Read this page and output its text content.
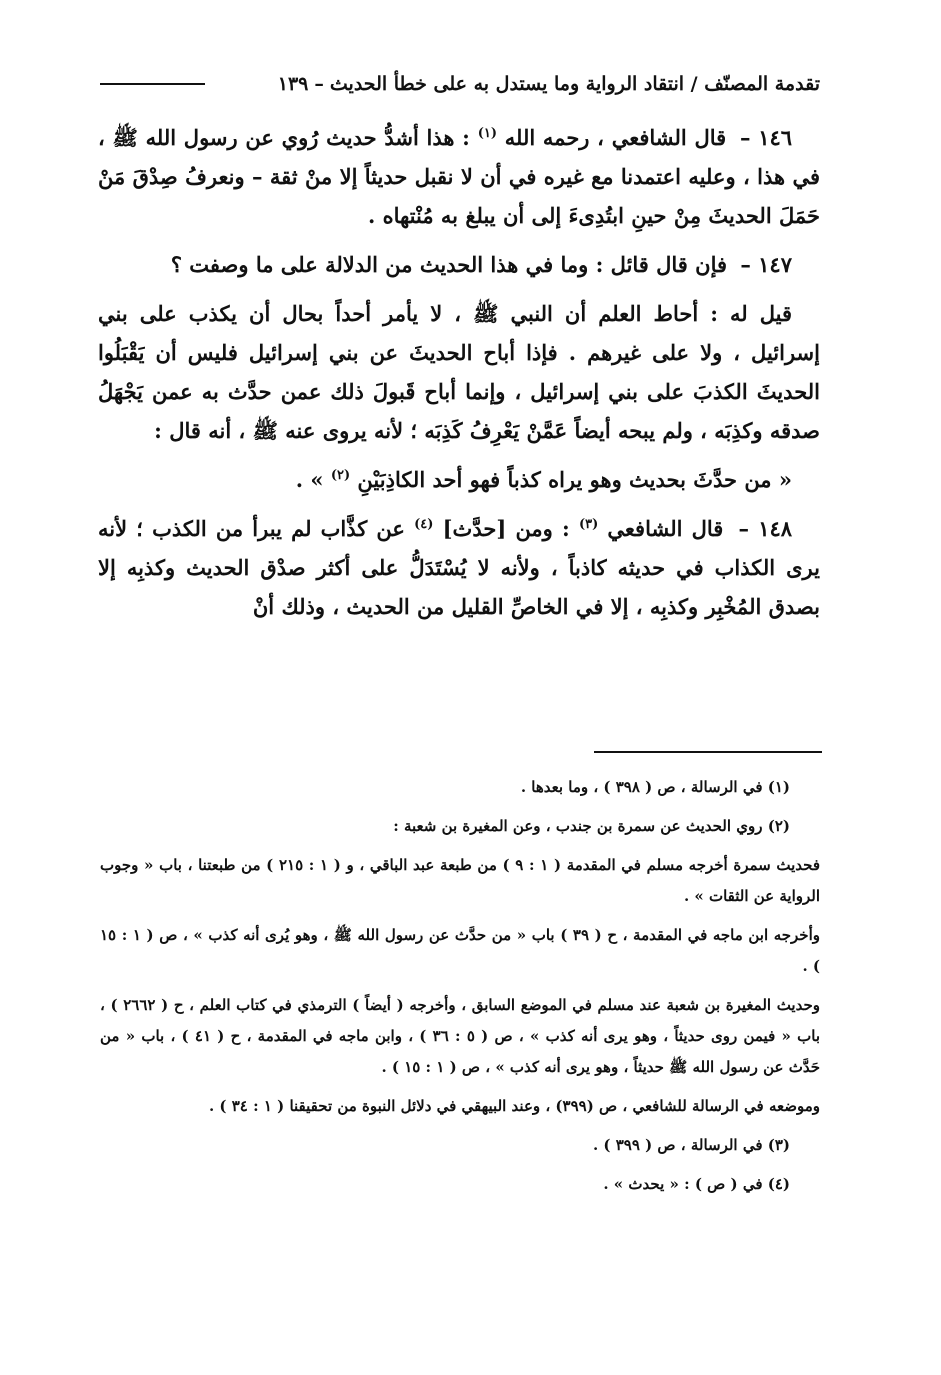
تقدمة المصنّف / انتقاد الرواية وما يستدل به على خطأ الحديث
–
١٣٩

١٤٦ – قال الشافعي ، رحمه الله $^{(١)}$ : هذا أشدُّ حديث رُوي عن رسول الله ﷺ ، في هذا ، وعليه اعتمدنا مع غيره في أن لا نقبل حديثاً إلا منْ ثقة – ونعرفُ صِدْقَ مَنْ حَمَلَ الحديثَ مِنْ حينِ ابتُدِىءَ إلى أن يبلغ به مُنْتهاه .

١٤٧ – فإن قال قائل : وما في هذا الحديث من الدلالة على ما وصفت ؟

قيل له : أحاط العلم أن النبي ﷺ ، لا يأمر أحداً بحال أن يكذب على بني إسرائيل ، ولا على غيرهم . فإذا أباح الحديثَ عن بني إسرائيل فليس أن يَقْبَلُوا الحديثَ الكذبَ على بني إسرائيل ، وإنما أباح قَبولَ ذلك عمن حدَّث به عمن يَجْهَلُ صدقه وكذِبَه ، ولم يبحه أيضاً عَمَّنْ يَعْرِفُ كَذِبَه ؛ لأنه يروى عنه ﷺ ، أنه قال :

« من حدَّثَ بحديث وهو يراه كذباً فهو أحد الكاذِبَيْنِ $^{(٢)}$ » .

١٤٨ – قال الشافعي $^{(٣)}$ : ومن [حدَّث] $^{(٤)}$ عن كذَّاب لم يبرأ من الكذب ؛ لأنه يرى الكذاب في حديثه كاذباً ، ولأنه لا يُسْتَدَلُّ على أكثر صدْق الحديث وكذبِه إلا بصدق المُخْبِر وكذبِه ، إلا في الخاصِّ القليل من الحديث ، وذلك أنْ

(١) في الرسالة ، ص ( ٣٩٨ ) ، وما بعدها .

(٢) روي الحديث عن سمرة بن جندب ، وعن المغيرة بن شعبة :

فحديث سمرة أخرجه مسلم في المقدمة ( ١ : ٩ ) من طبعة عبد الباقي ، و ( ١ : ٢١٥ ) من طبعتنا ، باب « وجوب الرواية عن الثقات » .

وأخرجه ابن ماجه في المقدمة ، ح ( ٣٩ ) باب « من حدَّث عن رسول الله ﷺ ، وهو يُرى أنه كذب » ، ص ( ١ : ١٥ ) .

وحديث المغيرة بن شعبة عند مسلم في الموضع السابق ، وأخرجه ( أيضاً ) الترمذي في كتاب العلم ، ح ( ٢٦٦٢ ) ، باب « فيمن روى حديثاً ، وهو يرى أنه كذب » ، ص ( ٥ : ٣٦ ) ، وابن ماجه في المقدمة ، ح ( ٤١ ) ، باب « من حَدَّث عن رسول الله ﷺ حديثاً ، وهو يرى أنه كذب » ، ص ( ١ : ١٥ ) .

وموضعه في الرسالة للشافعي ، ص (٣٩٩) ، وعند البيهقي في دلائل النبوة من تحقيقنا ( ١ : ٣٤ ) .

(٣) في الرسالة ، ص ( ٣٩٩ ) .

(٤) في ( ص ) : « يحدث » .
